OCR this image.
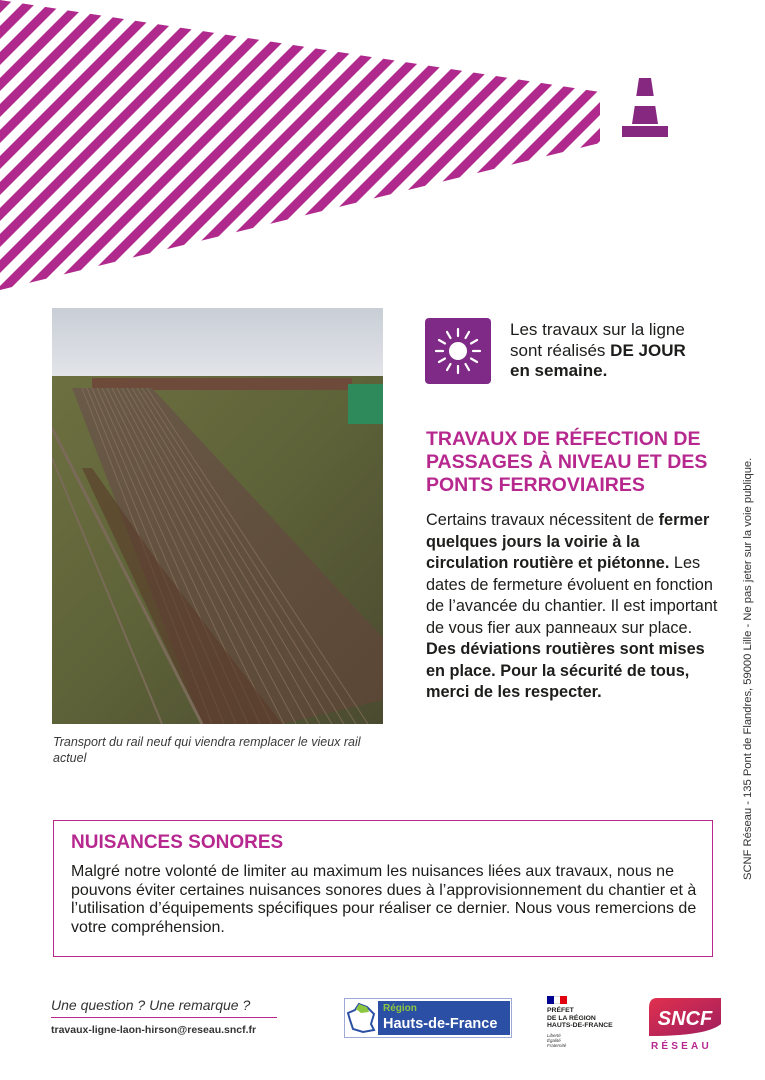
Transport du rail neuf qui viendra remplacer le vieux rail actuel

Les travaux sur la ligne
sont réalisés DE JOUR
en semaine.

TRAVAUX DE RÉFECTION DE PASSAGES À NIVEAU ET DES PONTS FERROVIAIRES

Certains travaux nécessitent de fermer quelques jours la voirie à la circulation routière et piétonne. Les dates de fermeture évoluent en fonction de l’avancée du chantier. Il est important de vous fier aux panneaux sur place. Des déviations routières sont mises en place. Pour la sécurité de tous, merci de les respecter.	SCNF Réseau - 135 Pont de Flandres, 59000 Lille - Ne pas jeter sur la voie publique.
NUISANCES SONORES

Malgré notre volonté de limiter au maximum les nuisances liées aux travaux, nous ne pouvons éviter certaines nuisances sonores dues à l’approvisionnement du chantier et à l’utilisation d’équipements spécifiques pour réaliser ce dernier. Nous vous remercions de votre compréhension.

Une question ? Une remarque ?

travaux-ligne-laon-hirson@reseau.sncf.fr

Région

Hauts-de-France

PRÉFET
DE LA RÉGION
HAUTS-DE-FRANCE

Liberté
Égalité
Fraternité

SNCF

RÉSEAU
